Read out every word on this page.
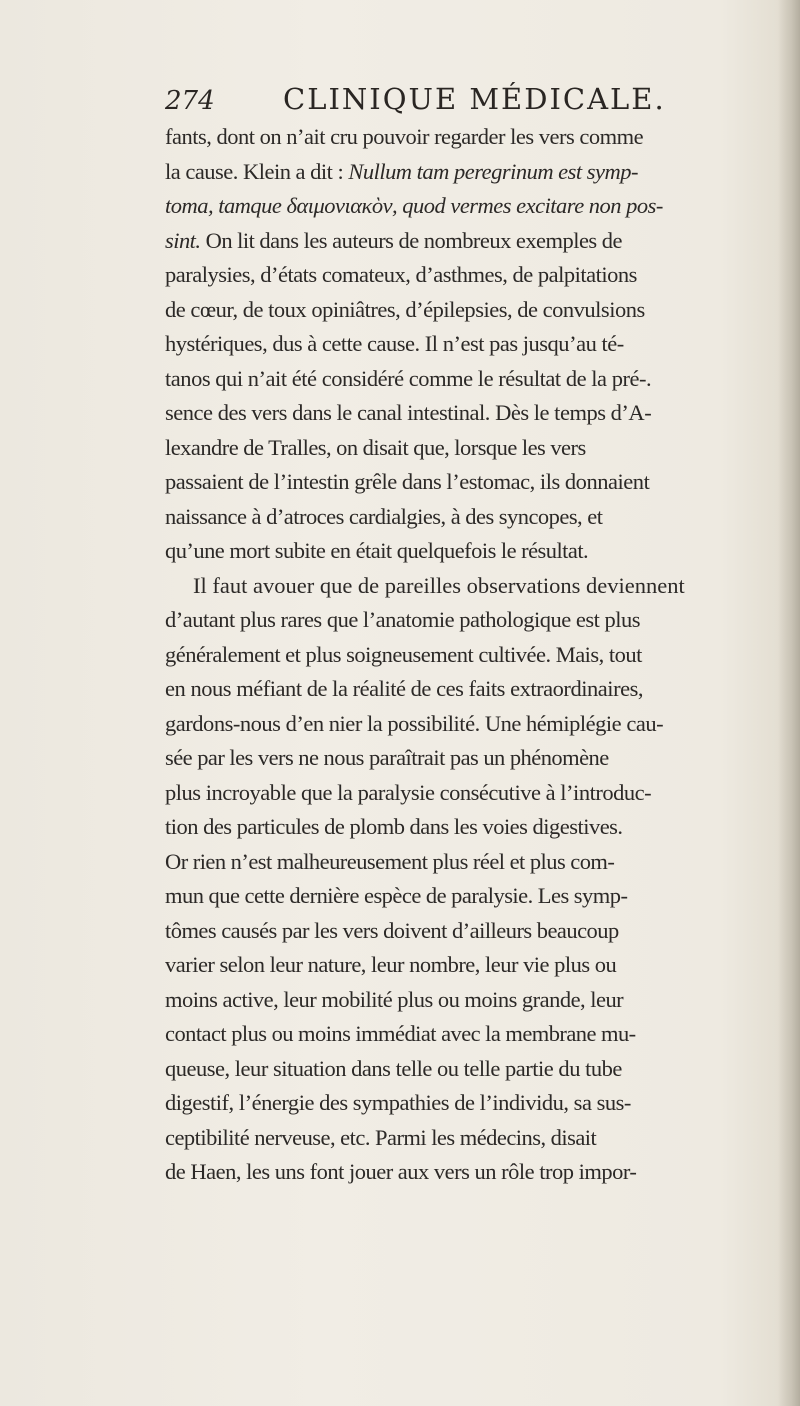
274 CLINIQUE MÉDICALE.
fants, dont on n’ait cru pouvoir regarder les vers comme
la cause. Klein a dit : Nullum tam peregrinum est symp-
toma, tamque δαιμονιακὸν, quod vermes excitare non pos-
sint. On lit dans les auteurs de nombreux exemples de
paralysies, d’états comateux, d’asthmes, de palpitations
de cœur, de toux opiniâtres, d’épilepsies, de convulsions
hystériques, dus à cette cause. Il n’est pas jusqu’au té-
tanos qui n’ait été considéré comme le résultat de la pré-.
sence des vers dans le canal intestinal. Dès le temps d’A-
lexandre de Tralles, on disait que, lorsque les vers
passaient de l’intestin grêle dans l’estomac, ils donnaient
naissance à d’atroces cardialgies, à des syncopes, et
qu’une mort subite en était quelquefois le résultat.
Il faut avouer que de pareilles observations deviennent
d’autant plus rares que l’anatomie pathologique est plus
généralement et plus soigneusement cultivée. Mais, tout
en nous méfiant de la réalité de ces faits extraordinaires,
gardons-nous d’en nier la possibilité. Une hémiplégie cau-
sée par les vers ne nous paraîtrait pas un phénomène
plus incroyable que la paralysie consécutive à l’introduc-
tion des particules de plomb dans les voies digestives.
Or rien n’est malheureusement plus réel et plus com-
mun que cette dernière espèce de paralysie. Les symp-
tômes causés par les vers doivent d’ailleurs beaucoup
varier selon leur nature, leur nombre, leur vie plus ou
moins active, leur mobilité plus ou moins grande, leur
contact plus ou moins immédiat avec la membrane mu-
queuse, leur situation dans telle ou telle partie du tube
digestif, l’énergie des sympathies de l’individu, sa sus-
ceptibilité nerveuse, etc. Parmi les médecins, disait
de Haen, les uns font jouer aux vers un rôle trop impor-
